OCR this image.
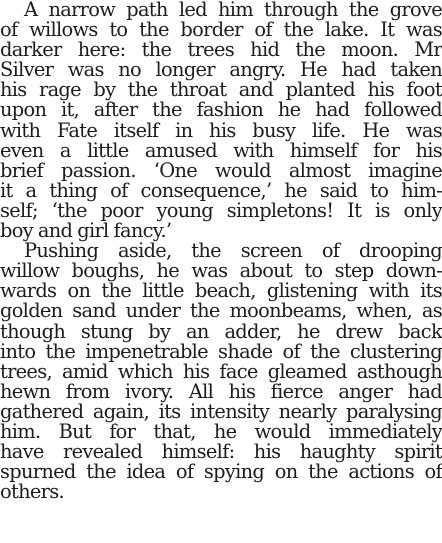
A narrow path led him through the grove
of willows to the border of the lake. It was
darker here: the trees hid the moon. Mr
Silver was no longer angry. He had taken
his rage by the throat and planted his foot
upon it, after the fashion he had followed
with Fate itself in his busy life. He was
even a little amused with himself for his
brief passion. ‘One would almost imagine
it a thing of consequence,’ he said to him-
self; ‘the poor young simpletons! It is only
boy and girl fancy.’
Pushing aside, the screen of drooping
willow boughs, he was about to step down-
wards on the little beach, glistening with its
golden sand under the moonbeams, when, as
though stung by an adder, he drew back
into the impenetrable shade of the clustering
trees, amid which his face gleamed asthough
hewn from ivory. All his fierce anger had
gathered again, its intensity nearly paralysing
him. But for that, he would immediately
have revealed himself: his haughty spirit
spurned the idea of spying on the actions of
others.
